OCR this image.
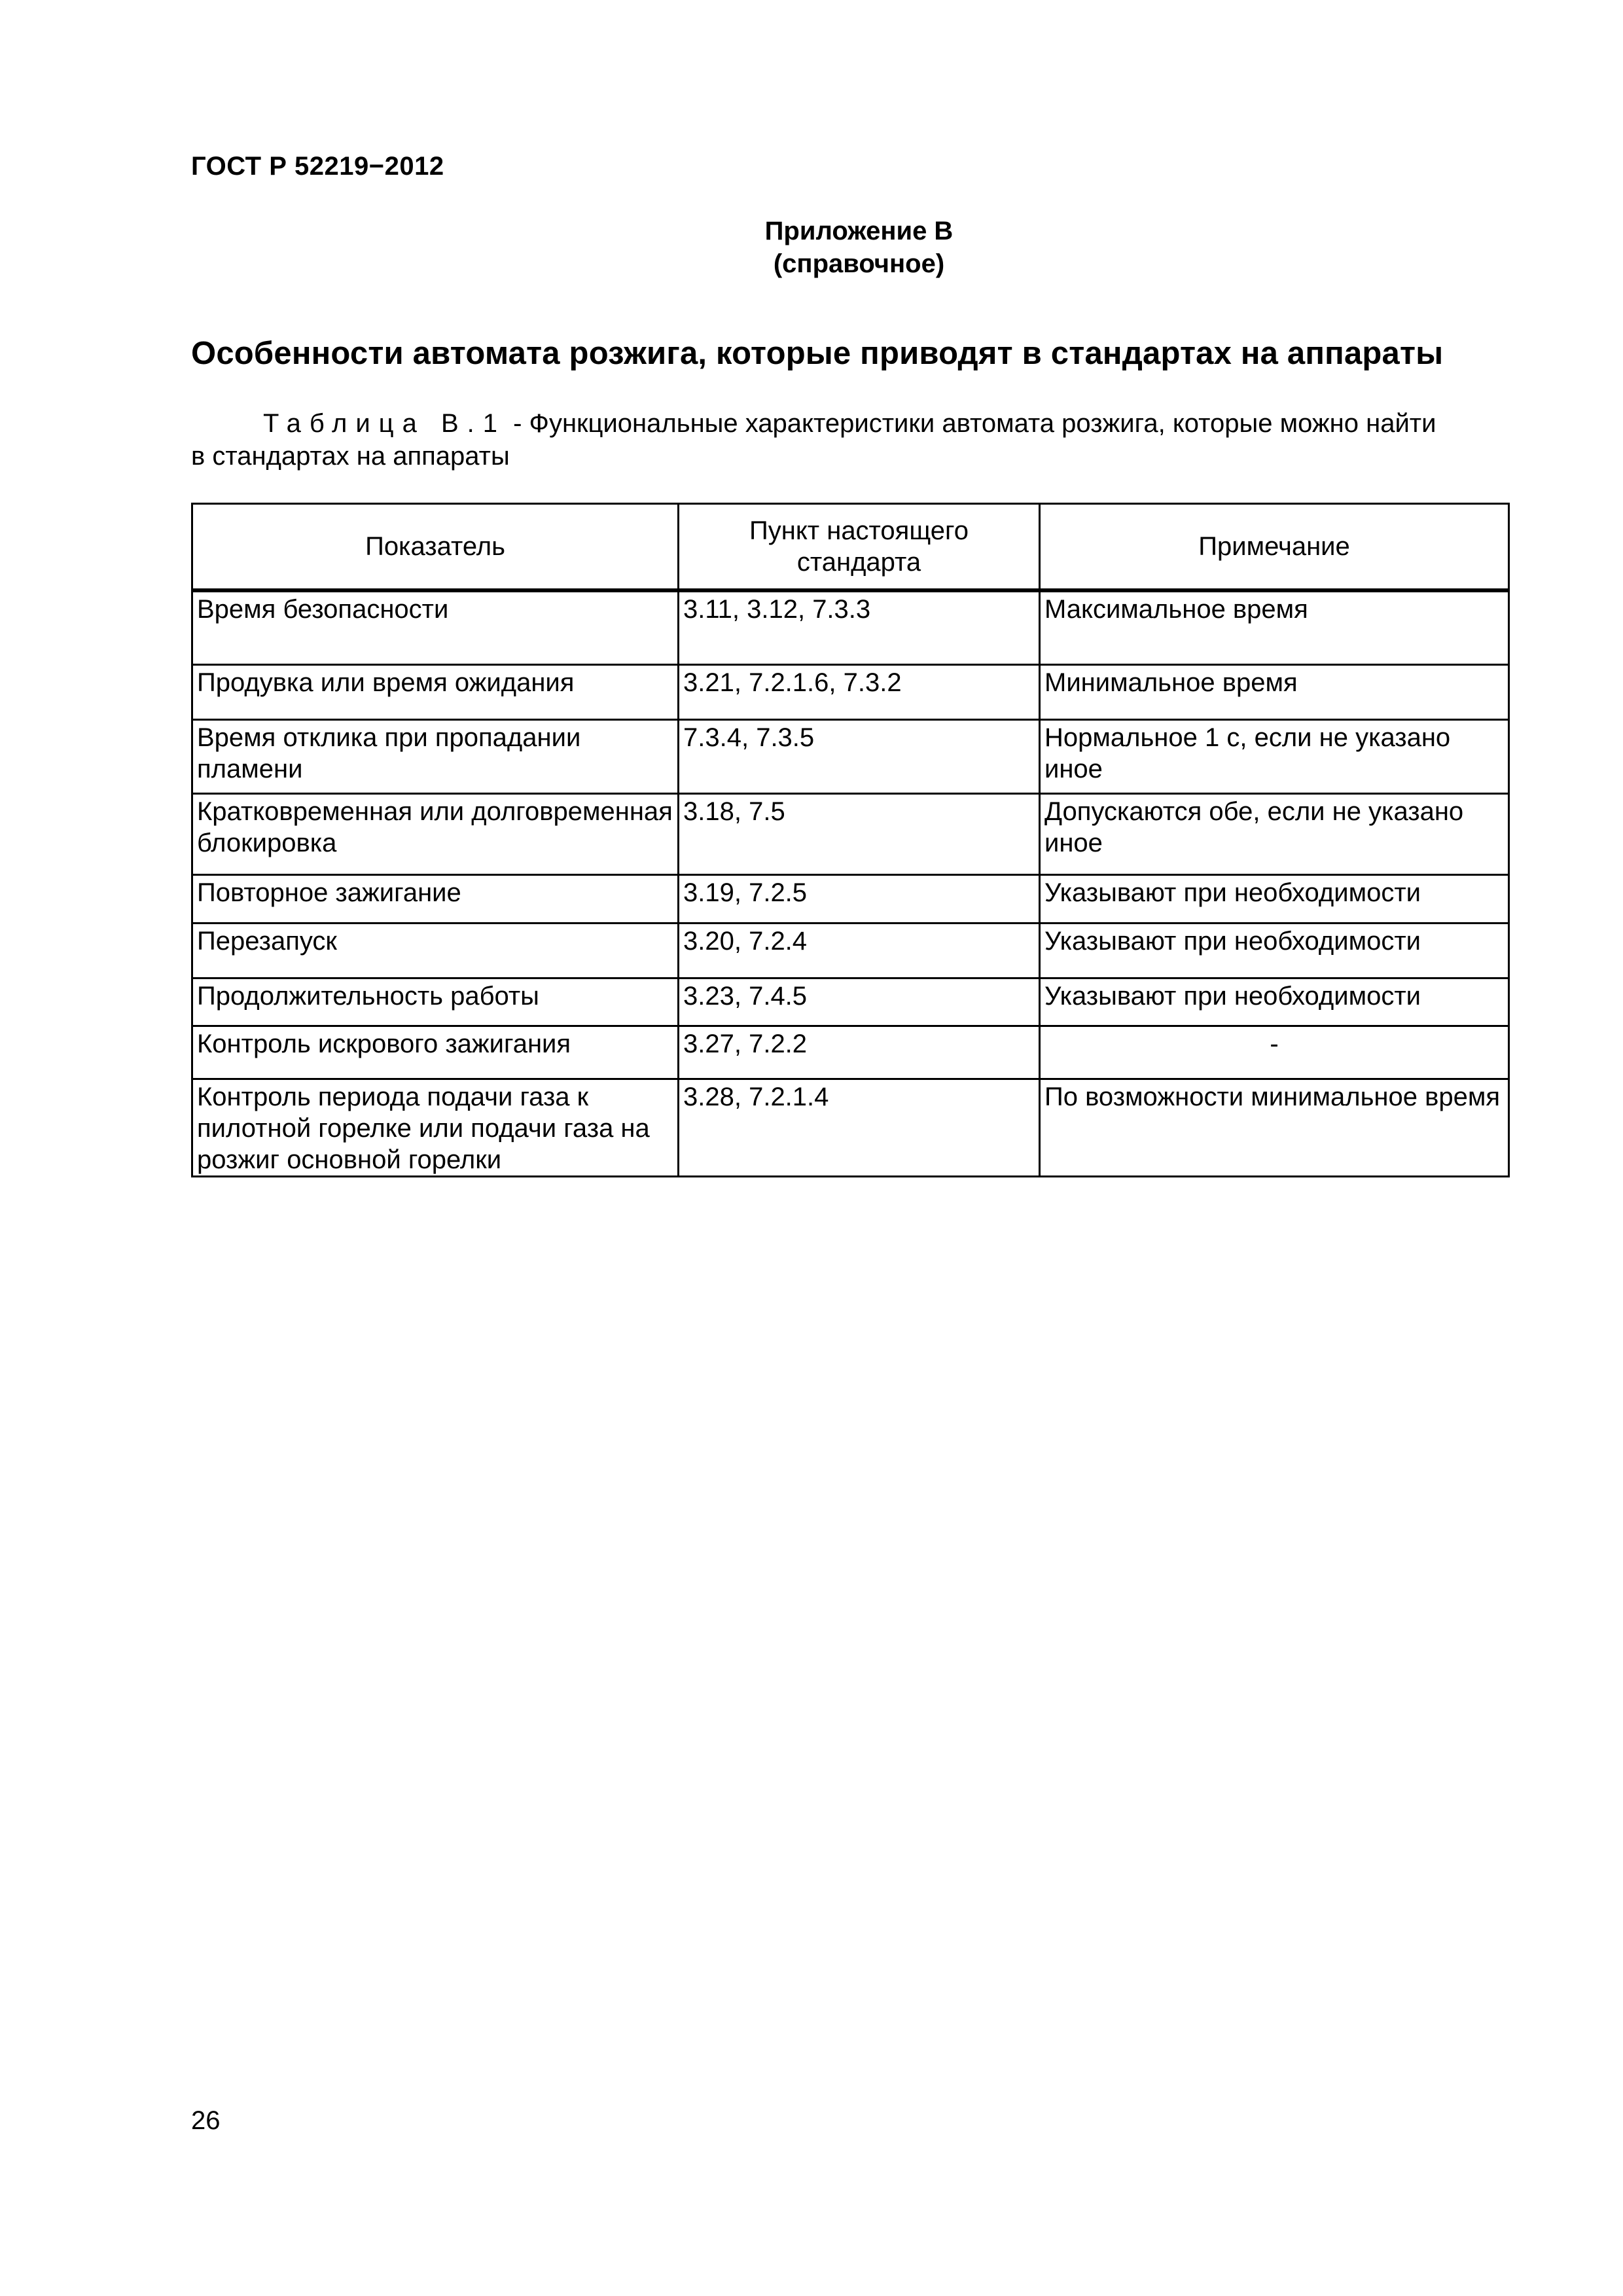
ГОСТ Р 52219−2012
Приложение В
(справочное)
Особенности автомата розжига, которые приводят в стандартах на аппараты
Таблица В.1 - Функциональные характеристики автомата розжига, которые можно найти
в стандартах на аппараты
Показатель	Пункт настоящего стандарта	Примечание
Время безопасности	3.11, 3.12, 7.3.3	Максимальное время
Продувка или время ожидания	3.21, 7.2.1.6, 7.3.2	Минимальное время
Время отклика при пропадании пламени	7.3.4, 7.3.5	Нормальное 1 с, если не указано иное
Кратковременная или долговременная блокировка	3.18, 7.5	Допускаются обе, если не указано иное
Повторное зажигание	3.19, 7.2.5	Указывают при необходимости
Перезапуск	3.20, 7.2.4	Указывают при необходимости
Продолжительность работы	3.23, 7.4.5	Указывают при необходимости
Контроль искрового зажигания	3.27, 7.2.2	-
Контроль периода подачи газа к пилотной горелке или подачи газа на розжиг основной горелки	3.28, 7.2.1.4	По возможности минимальное время
26
